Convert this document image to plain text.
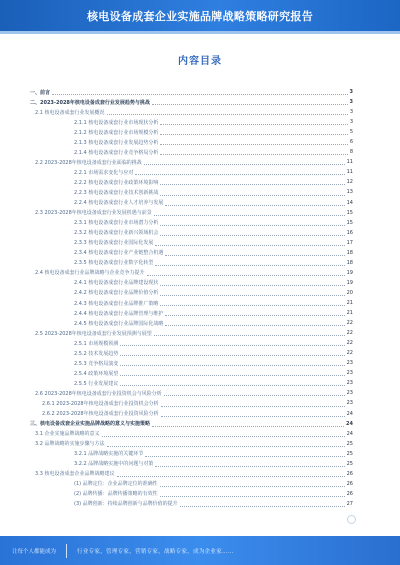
核电设备成套企业实施品牌战略策略研究报告
内容目录
一、前言	3
二、2023-2028年核电设备成套行业发展趋势与挑战	3
2.1 核电设备成套行业发展概况	3
2.1.1 核电设备成套行业市场现状分析	3
2.1.2 核电设备成套行业市场规模分析	5
2.1.3 核电设备成套行业发展趋势分析	6
2.1.4 核电设备成套行业竞争格局分析	8
2.2 2023-2028年核电设备成套行业面临的挑战	11
2.2.1 市场需求变化与应对	11
2.2.2 核电设备成套行业政策环境影响	12
2.2.3 核电设备成套行业技术创新挑战	13
2.2.4 核电设备成套行业人才培养与发展	14
2.3 2023-2028年核电设备成套行业发展机遇与前景	15
2.3.1 核电设备成套行业市场潜力分析	15
2.3.2 核电设备成套行业新兴领域机会	16
2.3.3 核电设备成套行业国际化发展	17
2.3.4 核电设备成套行业产业链整合机遇	18
2.3.5 核电设备成套行业数字化转型	18
2.4 核电设备成套行业品牌战略与企业竞争力提升	19
2.4.1 核电设备成套行业品牌建设现状	19
2.4.2 核电设备成套行业品牌价值分析	20
2.4.3 核电设备成套行业品牌推广策略	21
2.4.4 核电设备成套行业品牌管理与维护	21
2.4.5 核电设备成套行业品牌国际化战略	22
2.5 2023-2028年核电设备成套行业发展预测与展望	22
2.5.1 市场规模预测	22
2.5.2 技术发展趋势	22
2.5.3 竞争格局演变	23
2.5.4 政策环境展望	23
2.5.5 行业发展建议	23
2.6 2023-2028年核电设备成套行业投资机会与风险分析	23
2.6.1 2023-2028年核电设备成套行业投资机会分析	23
2.6.2 2023-2028年核电设备成套行业投资风险分析	24
三、核电设备成套企业实施品牌战略的意义与实施策略	24
3.1 企业实施品牌战略的意义	24
3.2 品牌战略的实施步骤与方法	25
3.2.1 品牌战略实施的关键环节	25
3.2.2 品牌战略实施中的问题与对策	25
3.3 核电设备成套企业品牌战略建议	26
(1) 品牌定位：企业品牌定位的准确性	26
(2) 品牌传播：品牌传播策略的有效性	26
(3) 品牌创新：持续品牌创新与品牌价值的提升	27
让每个人都能成为	行业专家，管理专家，营销专家，战略专家，成为企业家……
